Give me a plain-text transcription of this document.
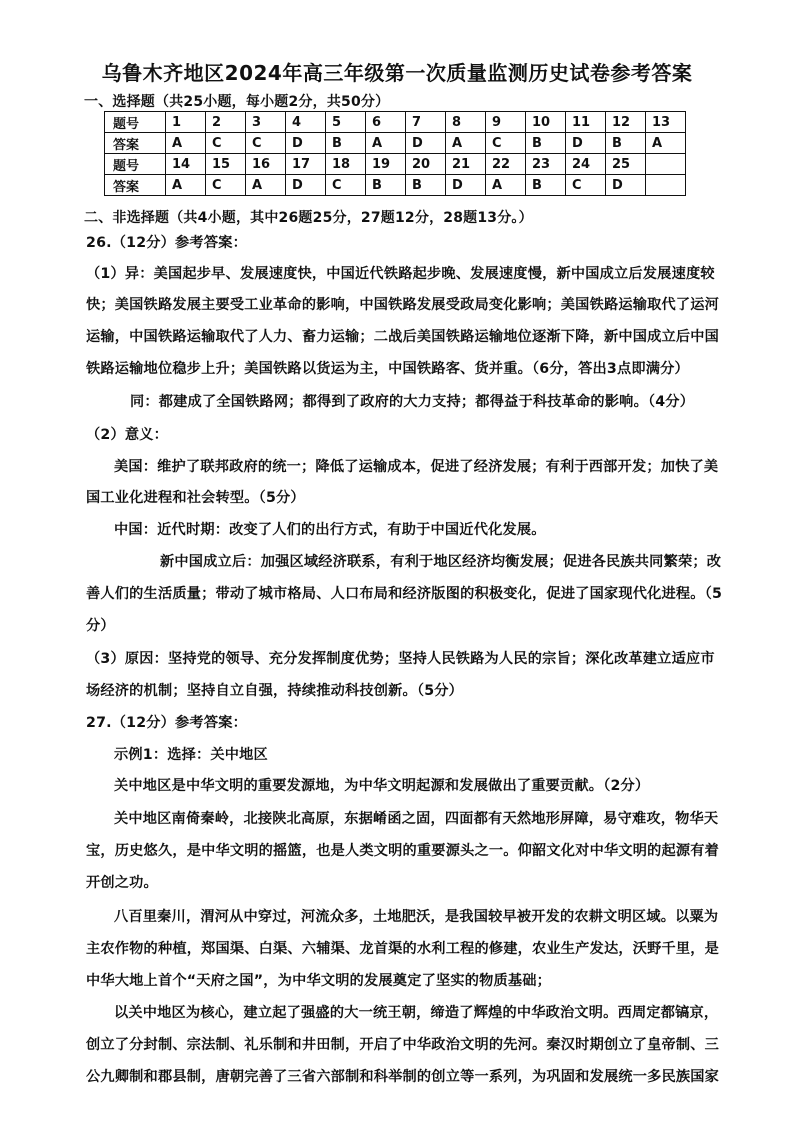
乌鲁木齐地区2024年高三年级第一次质量监测历史试卷参考答案
一、选择题（共25小题，每小题2分，共50分）
题号	1	2	3	4	5	6	7	8	9	10	11	12	13
答案	A	C	C	D	B	A	D	A	C	B	D	B	A
题号	14	15	16	17	18	19	20	21	22	23	24	25	
答案	A	C	A	D	C	B	B	D	A	B	C	D	
二、非选择题（共4小题，其中26题25分，27题12分，28题13分。）
26.（12分）参考答案：
（1）异：美国起步早、发展速度快，中国近代铁路起步晚、发展速度慢，新中国成立后发展速度较
快；美国铁路发展主要受工业革命的影响，中国铁路发展受政局变化影响；美国铁路运输取代了运河
运输，中国铁路运输取代了人力、畜力运输；二战后美国铁路运输地位逐渐下降，新中国成立后中国
铁路运输地位稳步上升；美国铁路以货运为主，中国铁路客、货并重。（6分，答出3点即满分）
同：都建成了全国铁路网；都得到了政府的大力支持；都得益于科技革命的影响。（4分）
（2）意义：
美国：维护了联邦政府的统一；降低了运输成本，促进了经济发展；有利于西部开发；加快了美
国工业化进程和社会转型。（5分）
中国：近代时期：改变了人们的出行方式，有助于中国近代化发展。
新中国成立后：加强区域经济联系，有利于地区经济均衡发展；促进各民族共同繁荣；改
善人们的生活质量；带动了城市格局、人口布局和经济版图的积极变化，促进了国家现代化进程。（5
分）
（3）原因：坚持党的领导、充分发挥制度优势；坚持人民铁路为人民的宗旨；深化改革建立适应市
场经济的机制；坚持自立自强，持续推动科技创新。（5分）
27.（12分）参考答案：
示例1：选择：关中地区
关中地区是中华文明的重要发源地，为中华文明起源和发展做出了重要贡献。（2分）
关中地区南倚秦岭，北接陕北高原，东据崤函之固，四面都有天然地形屏障，易守难攻，物华天
宝，历史悠久，是中华文明的摇篮，也是人类文明的重要源头之一。仰韶文化对中华文明的起源有着
开创之功。
八百里秦川，渭河从中穿过，河流众多，土地肥沃，是我国较早被开发的农耕文明区域。以粟为
主农作物的种植，郑国渠、白渠、六辅渠、龙首渠的水利工程的修建，农业生产发达，沃野千里，是
中华大地上首个“天府之国”，为中华文明的发展奠定了坚实的物质基础；
以关中地区为核心，建立起了强盛的大一统王朝，缔造了辉煌的中华政治文明。西周定都镐京，
创立了分封制、宗法制、礼乐制和井田制，开启了中华政治文明的先河。秦汉时期创立了皇帝制、三
公九卿制和郡县制，唐朝完善了三省六部制和科举制的创立等一系列，为巩固和发展统一多民族国家
